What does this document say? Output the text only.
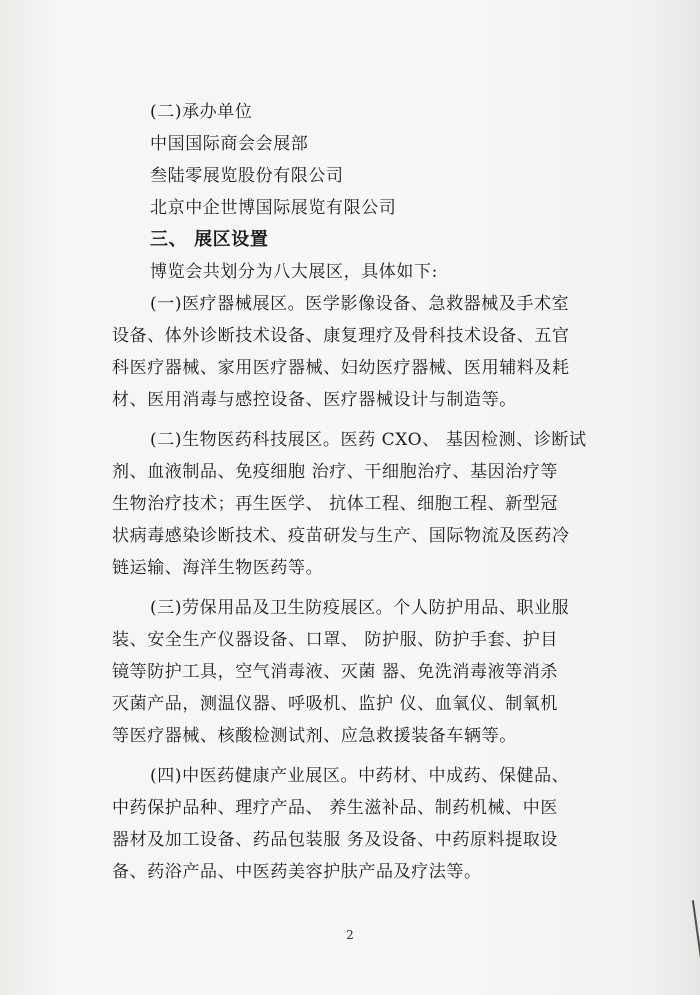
(二)承办单位
中国国际商会会展部
叁陆零展览股份有限公司
北京中企世博国际展览有限公司
三、 展区设置
博览会共划分为八大展区，具体如下:
(一)医疗器械展区。医学影像设备、急救器械及手术室
设备、体外诊断技术设备、康复理疗及骨科技术设备、五官
科医疗器械、家用医疗器械、妇幼医疗器械、医用辅料及耗
材、医用消毒与感控设备、医疗器械设计与制造等。
(二)生物医药科技展区。医药 CXO、 基因检测、诊断试
剂、血液制品、免疫细胞 治疗、干细胞治疗、基因治疗等
生物治疗技术；再生医学、 抗体工程、细胞工程、新型冠
状病毒感染诊断技术、疫苗研发与生产、国际物流及医药冷
链运输、海洋生物医药等。
(三)劳保用品及卫生防疫展区。个人防护用品、职业服
装、安全生产仪器设备、口罩、 防护服、防护手套、护目
镜等防护工具，空气消毒液、灭菌 器、免洗消毒液等消杀
灭菌产品，测温仪器、呼吸机、监护 仪、血氧仪、制氧机
等医疗器械、核酸检测试剂、应急救援装备车辆等。
(四)中医药健康产业展区。中药材、中成药、保健品、
中药保护品种、理疗产品、 养生滋补品、制药机械、中医
器材及加工设备、药品包装服 务及设备、中药原料提取设
备、药浴产品、中医药美容护肤产品及疗法等。
2
